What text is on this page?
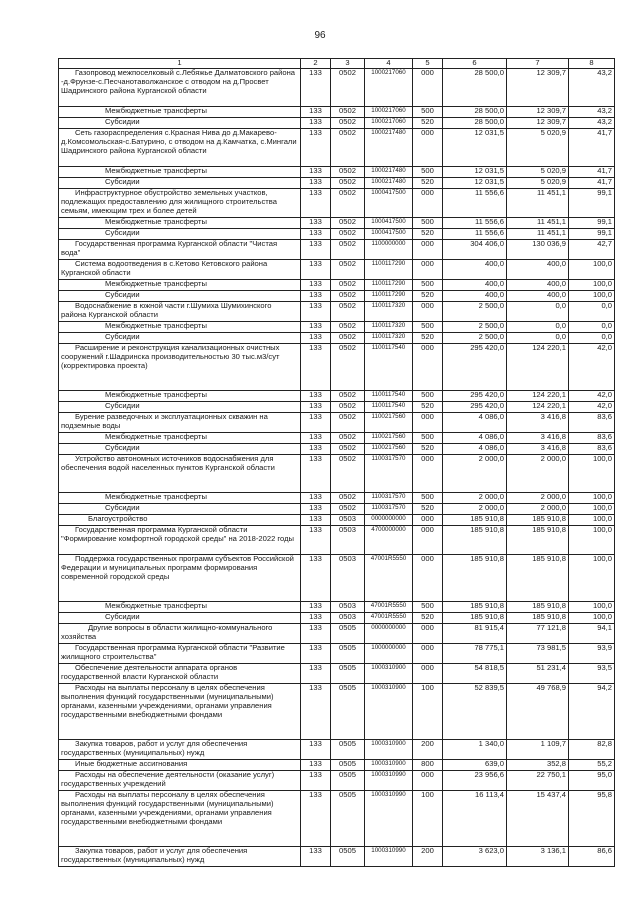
96
1	2	3	4	5	6	7	8
Газопровод межпоселковый с.Лебяжье Далматовского района -д.Фрунзе-с.Песчанотаволжанское с отводом на д.Просвет Шадринского района Курганской области	133	0502	1000217060	000	28 500,0	12 309,7	43,2
Межбюджетные трансферты	133	0502	1000217060	500	28 500,0	12 309,7	43,2
Субсидии	133	0502	1000217060	520	28 500,0	12 309,7	43,2
Сеть газораспределения с.Красная Нива до д.Макарево-д.Комсомольская-с.Батурино, с отводом на д.Камчатка, с.Мингали Шадринского района Курганской области	133	0502	1000217480	000	12 031,5	5 020,9	41,7
Межбюджетные трансферты	133	0502	1000217480	500	12 031,5	5 020,9	41,7
Субсидии	133	0502	1000217480	520	12 031,5	5 020,9	41,7
Инфраструктурное обустройство земельных участков, подлежащих предоставлению для жилищного строительства семьям, имеющим трех и более детей	133	0502	1000417500	000	11 556,6	11 451,1	99,1
Межбюджетные трансферты	133	0502	1000417500	500	11 556,6	11 451,1	99,1
Субсидии	133	0502	1000417500	520	11 556,6	11 451,1	99,1
Государственная программа Курганской области "Чистая вода"	133	0502	1100000000	000	304 406,0	130 036,9	42,7
Система водоотведения в с.Кетово Кетовского района Курганской области	133	0502	1100117290	000	400,0	400,0	100,0
Межбюджетные трансферты	133	0502	1100117290	500	400,0	400,0	100,0
Субсидии	133	0502	1100117290	520	400,0	400,0	100,0
Водоснабжение в южной части г.Шумиха Шумихинского района Курганской области	133	0502	1100117320	000	2 500,0	0,0	0,0
Межбюджетные трансферты	133	0502	1100117320	500	2 500,0	0,0	0,0
Субсидии	133	0502	1100117320	520	2 500,0	0,0	0,0
Расширение и реконструкция канализационных очистных сооружений г.Шадринска производительностью 30 тыс.м3/сут (корректировка проекта)	133	0502	1100117540	000	295 420,0	124 220,1	42,0
Межбюджетные трансферты	133	0502	1100117540	500	295 420,0	124 220,1	42,0
Субсидии	133	0502	1100117540	520	295 420,0	124 220,1	42,0
Бурение разведочных и эксплуатационных скважин на подземные воды	133	0502	1100217560	000	4 086,0	3 416,8	83,6
Межбюджетные трансферты	133	0502	1100217560	500	4 086,0	3 416,8	83,6
Субсидии	133	0502	1100217560	520	4 086,0	3 416,8	83,6
Устройство автономных источников водоснабжения для обеспечения водой населенных пунктов Курганской области	133	0502	1100317570	000	2 000,0	2 000,0	100,0
Межбюджетные трансферты	133	0502	1100317570	500	2 000,0	2 000,0	100,0
Субсидии	133	0502	1100317570	520	2 000,0	2 000,0	100,0
Благоустройство	133	0503	0000000000	000	185 910,8	185 910,8	100,0
Государственная программа Курганской области "Формирование комфортной городской среды" на 2018-2022 годы	133	0503	4700000000	000	185 910,8	185 910,8	100,0
Поддержка государственных программ субъектов Российской Федерации и муниципальных программ формирования современной городской среды	133	0503	47001R5550	000	185 910,8	185 910,8	100,0
Межбюджетные трансферты	133	0503	47001R5550	500	185 910,8	185 910,8	100,0
Субсидии	133	0503	47001R5550	520	185 910,8	185 910,8	100,0
Другие вопросы в области жилищно-коммунального хозяйства	133	0505	0000000000	000	81 915,4	77 121,8	94,1
Государственная программа Курганской области "Развитие жилищного строительства"	133	0505	1000000000	000	78 775,1	73 981,5	93,9
Обеспечение деятельности аппарата органов государственной власти Курганской области	133	0505	1000310900	000	54 818,5	51 231,4	93,5
Расходы на выплаты персоналу в целях обеспечения выполнения функций государственными (муниципальными) органами, казенными учреждениями, органами управления государственными внебюджетными фондами	133	0505	1000310900	100	52 839,5	49 768,9	94,2
Закупка товаров, работ и услуг для обеспечения государственных (муниципальных) нужд	133	0505	1000310900	200	1 340,0	1 109,7	82,8
Иные бюджетные ассигнования	133	0505	1000310900	800	639,0	352,8	55,2
Расходы на обеспечение деятельности (оказание услуг) государственных учреждений	133	0505	1000310990	000	23 956,6	22 750,1	95,0
Расходы на выплаты персоналу в целях обеспечения выполнения функций государственными (муниципальными) органами, казенными учреждениями, органами управления государственными внебюджетными фондами	133	0505	1000310990	100	16 113,4	15 437,4	95,8
Закупка товаров, работ и услуг для обеспечения государственных (муниципальных) нужд	133	0505	1000310990	200	3 623,0	3 136,1	86,6
